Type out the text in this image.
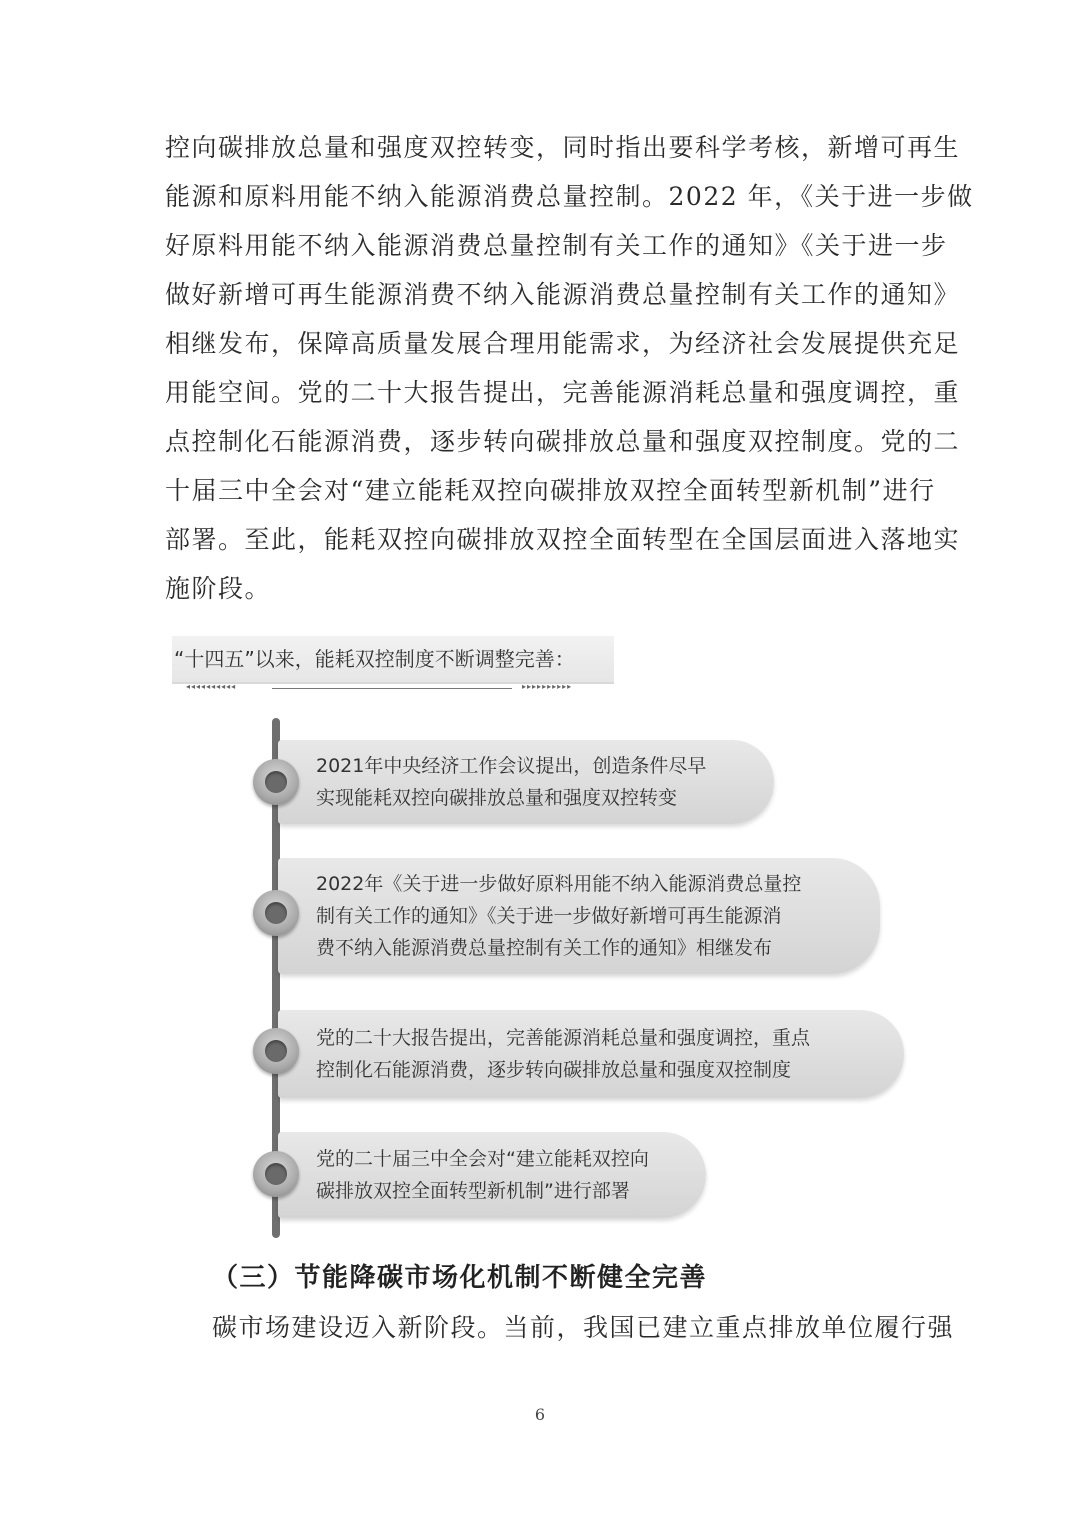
控向碳排放总量和强度双控转变，同时指出要科学考核，新增可再生
能源和原料用能不纳入能源消费总量控制。2022 年，《关于进一步做
好原料用能不纳入能源消费总量控制有关工作的通知》《关于进一步
做好新增可再生能源消费不纳入能源消费总量控制有关工作的通知》
相继发布，保障高质量发展合理用能需求，为经济社会发展提供充足
用能空间。党的二十大报告提出，完善能源消耗总量和强度调控，重
点控制化石能源消费，逐步转向碳排放总量和强度双控制度。党的二
十届三中全会对“建立能耗双控向碳排放双控全面转型新机制”进行
部署。至此，能耗双控向碳排放双控全面转型在全国层面进入落地实
施阶段。
“十四五”以来，能耗双控制度不断调整完善：
◂◂◂◂◂◂◂◂◂◂	▸▸▸▸▸▸▸▸▸▸
2021年中央经济工作会议提出，创造条件尽早
实现能耗双控向碳排放总量和强度双控转变
2022年《关于进一步做好原料用能不纳入能源消费总量控
制有关工作的通知》《关于进一步做好新增可再生能源消
费不纳入能源消费总量控制有关工作的通知》相继发布
党的二十大报告提出，完善能源消耗总量和强度调控，重点
控制化石能源消费，逐步转向碳排放总量和强度双控制度
党的二十届三中全会对“建立能耗双控向
碳排放双控全面转型新机制”进行部署
（三）节能降碳市场化机制不断健全完善
碳市场建设迈入新阶段。当前，我国已建立重点排放单位履行强
6
